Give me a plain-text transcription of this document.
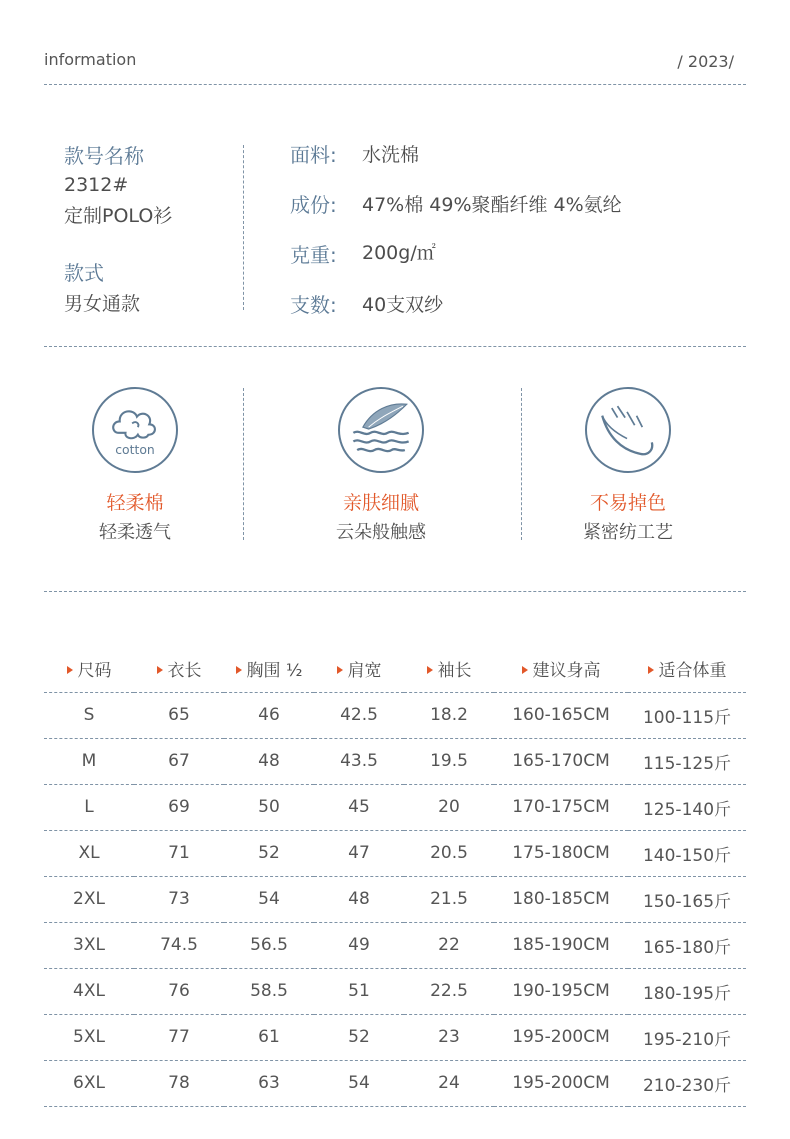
information	/ 2023/
款号名称
2312#
定制POLO衫
款式
男女通款
面料: 水洗棉
成份: 47%棉 49%聚酯纤维 4%氨纶
克重: 200g/㎡
支数: 40支双纱
cotton
轻柔棉
轻柔透气
亲肤细腻
云朵般触感
不易掉色
紧密纺工艺
尺码	衣长	胸围 ½	肩宽	袖长	建议身高	适合体重
S	65	46	42.5	18.2	160-165CM	100-115斤
M	67	48	43.5	19.5	165-170CM	115-125斤
L	69	50	45	20	170-175CM	125-140斤
XL	71	52	47	20.5	175-180CM	140-150斤
2XL	73	54	48	21.5	180-185CM	150-165斤
3XL	74.5	56.5	49	22	185-190CM	165-180斤
4XL	76	58.5	51	22.5	190-195CM	180-195斤
5XL	77	61	52	23	195-200CM	195-210斤
6XL	78	63	54	24	195-200CM	210-230斤
